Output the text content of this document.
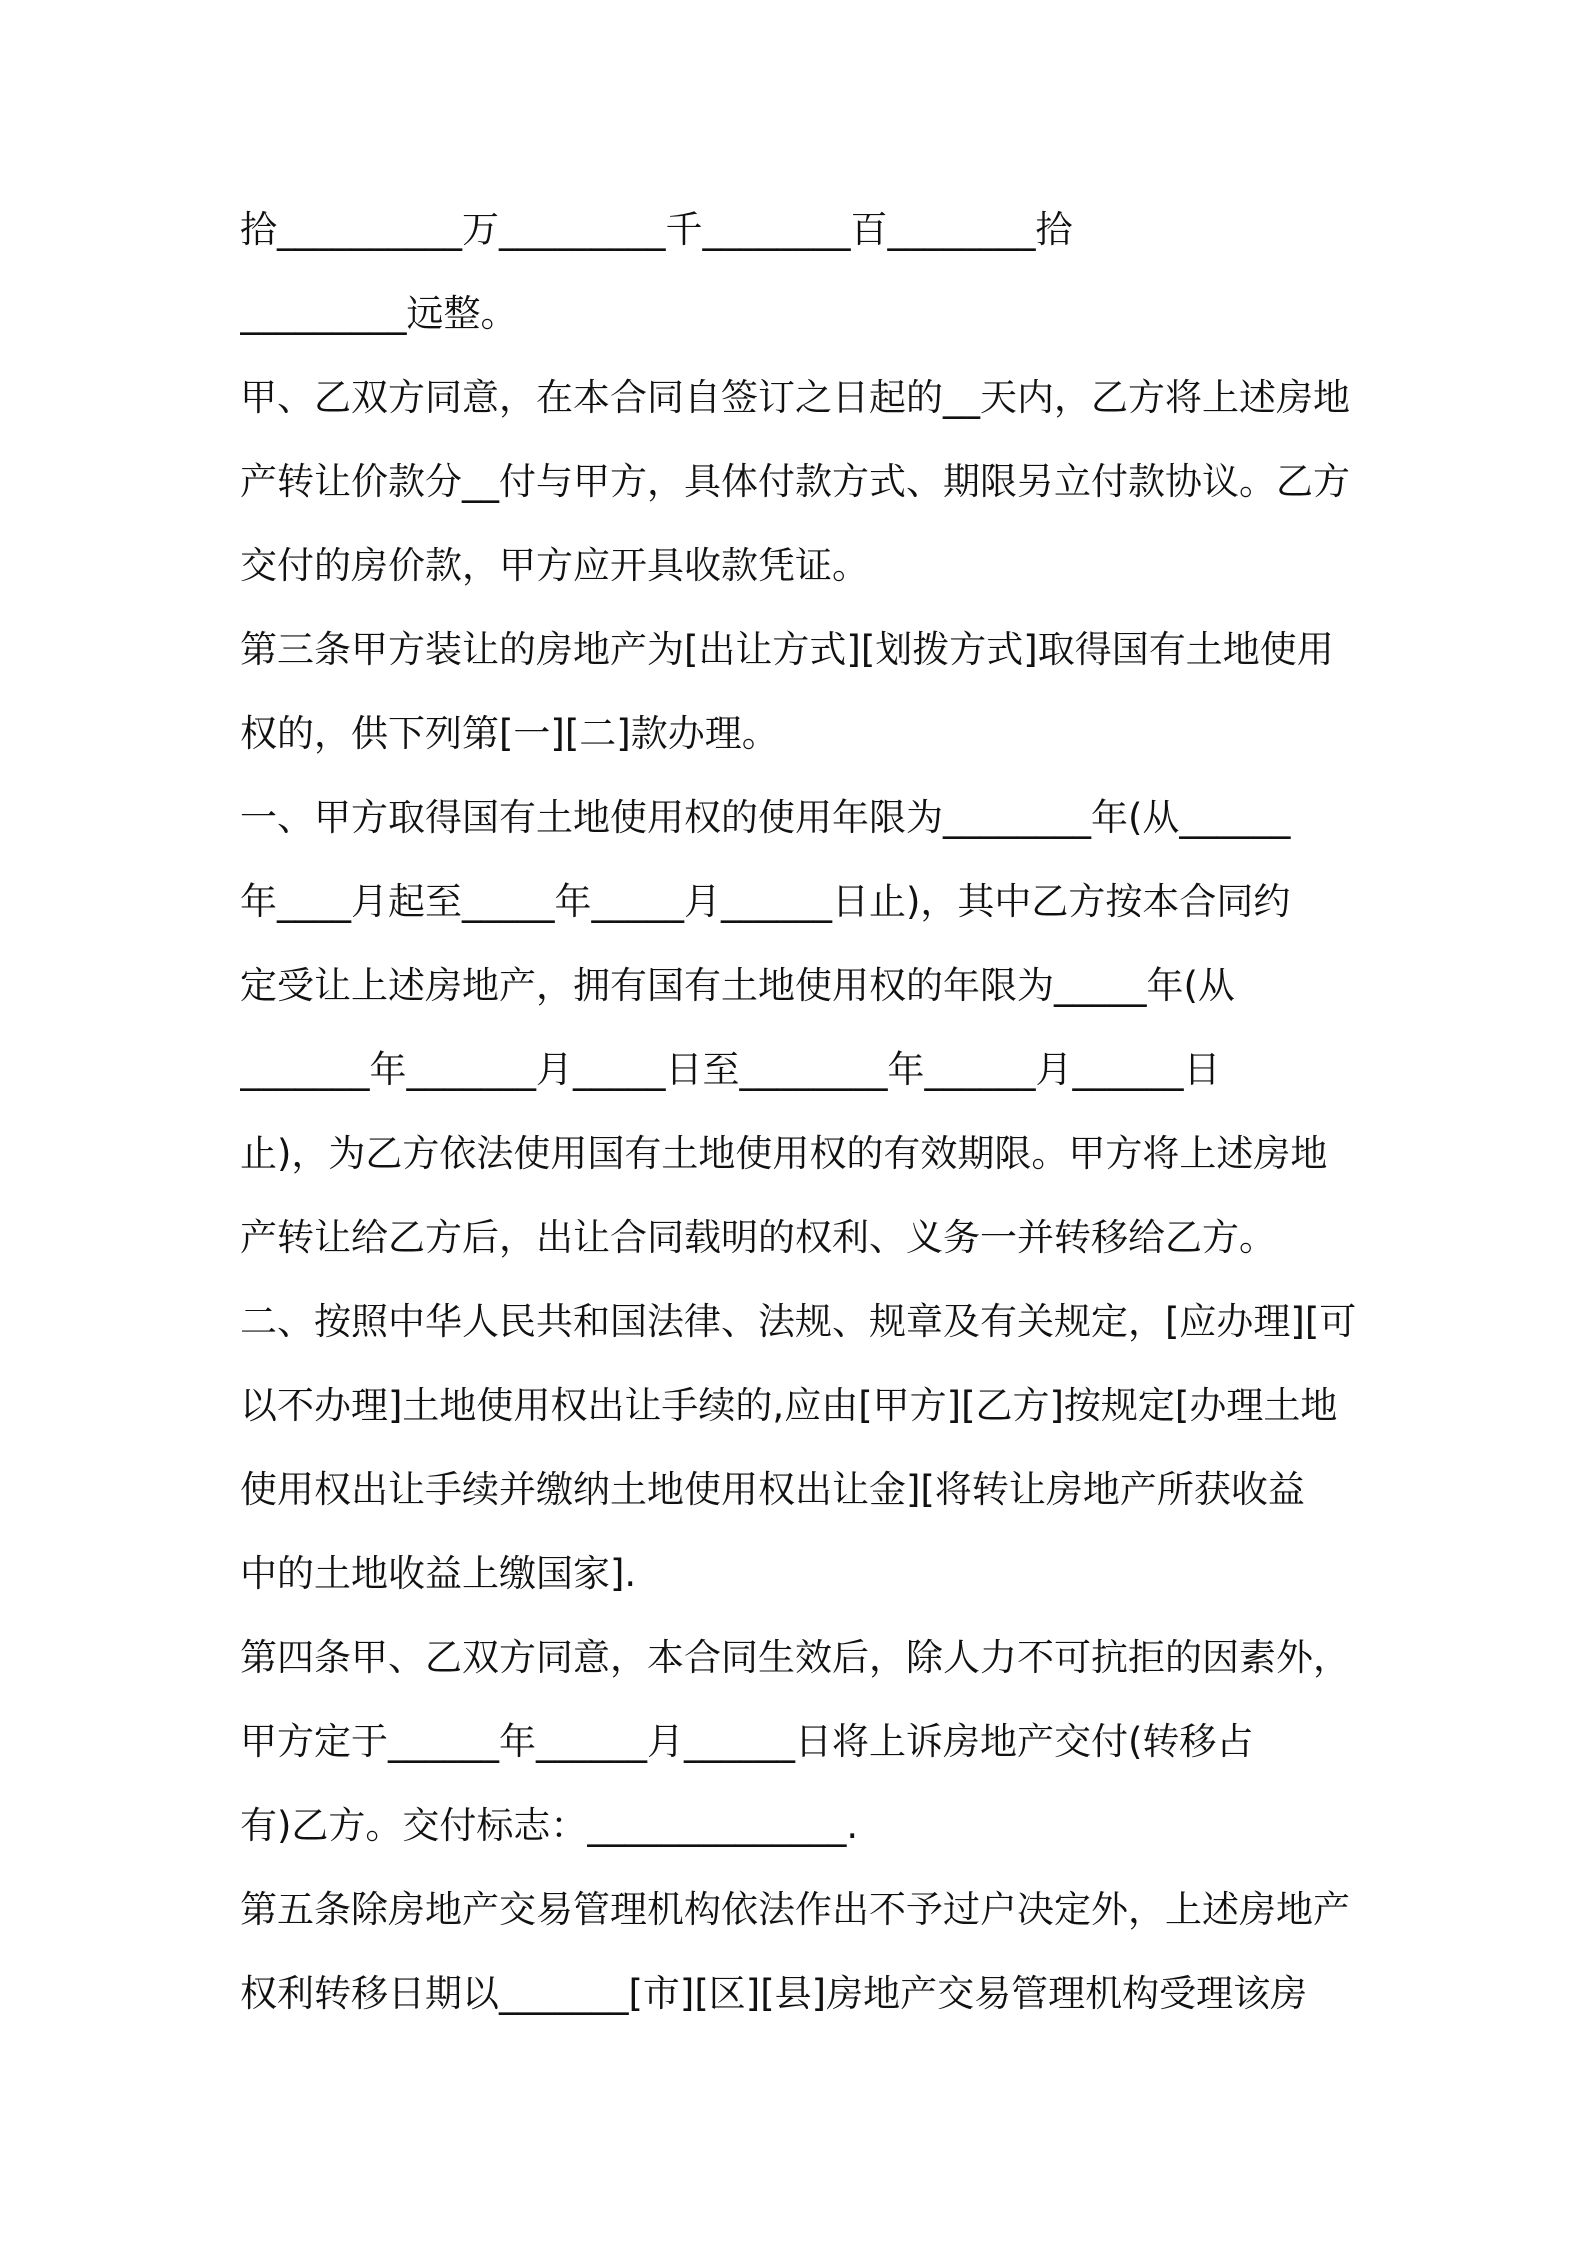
拾__________万_________千________百________拾
_________远整。
甲、乙双方同意，在本合同自签订之日起的__天内，乙方将上述房地
产转让价款分__付与甲方，具体付款方式、期限另立付款协议。乙方
交付的房价款，甲方应开具收款凭证。
第三条甲方装让的房地产为[出让方式][划拨方式]取得国有土地使用
权的，供下列第[一][二]款办理。
一、甲方取得国有土地使用权的使用年限为________年(从______
年____月起至_____年_____月______日止)，其中乙方按本合同约
定受让上述房地产，拥有国有土地使用权的年限为_____年(从
_______年_______月_____日至________年______月______日
止)，为乙方依法使用国有土地使用权的有效期限。甲方将上述房地
产转让给乙方后，出让合同载明的权利、义务一并转移给乙方。
二、按照中华人民共和国法律、法规、规章及有关规定，[应办理][可
以不办理]土地使用权出让手续的,应由[甲方][乙方]按规定[办理土地
使用权出让手续并缴纳土地使用权出让金][将转让房地产所获收益
中的土地收益上缴国家].
第四条甲、乙双方同意，本合同生效后，除人力不可抗拒的因素外，
甲方定于______年______月______日将上诉房地产交付(转移占
有)乙方。交付标志：______________.
第五条除房地产交易管理机构依法作出不予过户决定外，上述房地产
权利转移日期以_______[市][区][县]房地产交易管理机构受理该房
